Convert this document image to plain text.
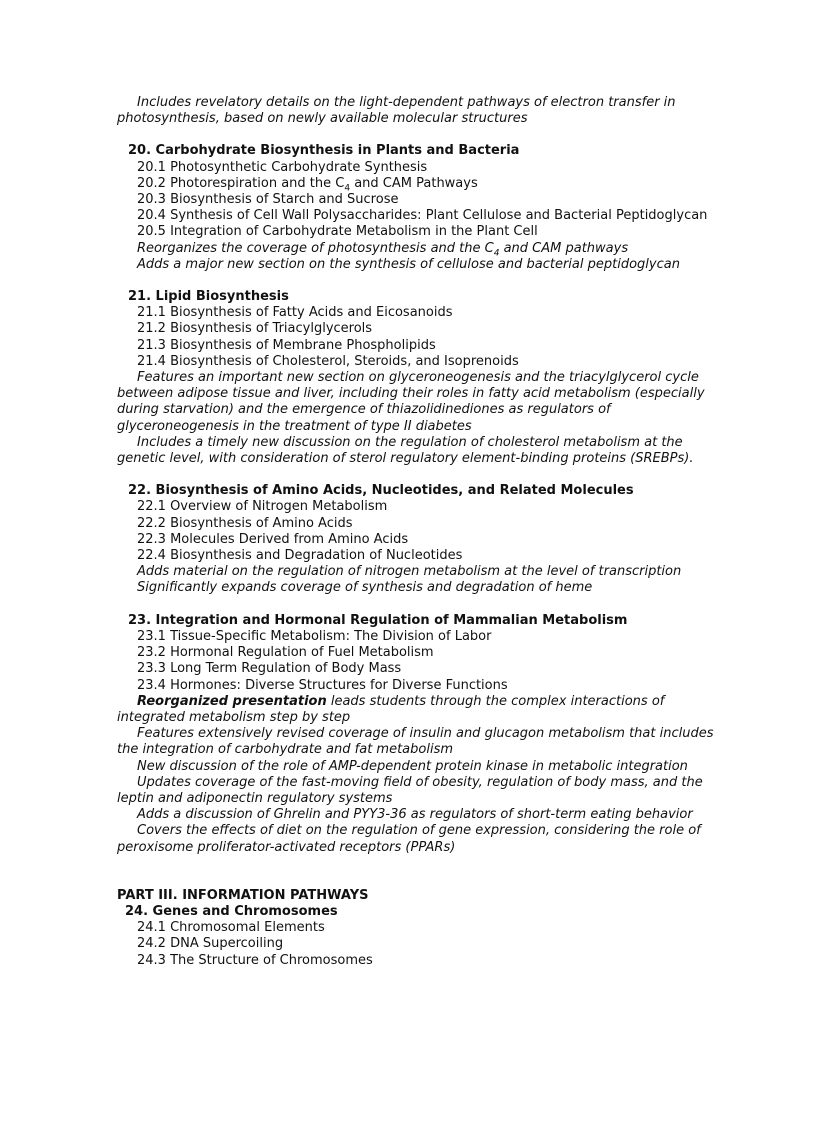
Includes revelatory details on the light-dependent pathways of electron transfer in photosynthesis, based on newly available molecular structures

20. Carbohydrate Biosynthesis in Plants and Bacteria

20.1 Photosynthetic Carbohydrate Synthesis

20.2 Photorespiration and the $C_4$ and CAM Pathways

20.3 Biosynthesis of Starch and Sucrose

20.4 Synthesis of Cell Wall Polysaccharides: Plant Cellulose and Bacterial Peptidoglycan

20.5 Integration of Carbohydrate Metabolism in the Plant Cell

Reorganizes the coverage of photosynthesis and the $C_4$ and CAM pathways

Adds a major new section on the synthesis of cellulose and bacterial peptidoglycan

21. Lipid Biosynthesis

21.1 Biosynthesis of Fatty Acids and Eicosanoids

21.2 Biosynthesis of Triacylglycerols

21.3 Biosynthesis of Membrane Phospholipids

21.4 Biosynthesis of Cholesterol, Steroids, and Isoprenoids

Features an important new section on glyceroneogenesis and the triacylglycerol cycle between adipose tissue and liver, including their roles in fatty acid metabolism (especially during starvation) and the emergence of thiazolidinediones as regulators of glyceroneogenesis in the treatment of type II diabetes

Includes a timely new discussion on the regulation of cholesterol metabolism at the genetic level, with consideration of sterol regulatory element-binding proteins (SREBPs).

22. Biosynthesis of Amino Acids, Nucleotides, and Related Molecules

22.1 Overview of Nitrogen Metabolism

22.2 Biosynthesis of Amino Acids

22.3 Molecules Derived from Amino Acids

22.4 Biosynthesis and Degradation of Nucleotides

Adds material on the regulation of nitrogen metabolism at the level of transcription

Significantly expands coverage of synthesis and degradation of heme

23. Integration and Hormonal Regulation of Mammalian Metabolism

23.1 Tissue-Specific Metabolism: The Division of Labor

23.2 Hormonal Regulation of Fuel Metabolism

23.3 Long Term Regulation of Body Mass

23.4 Hormones: Diverse Structures for Diverse Functions

Reorganized presentation leads students through the complex interactions of integrated metabolism step by step

Features extensively revised coverage of insulin and glucagon metabolism that includes the integration of carbohydrate and fat metabolism

New discussion of the role of AMP-dependent protein kinase in metabolic integration

Updates coverage of the fast-moving field of obesity, regulation of body mass, and the leptin and adiponectin regulatory systems

Adds a discussion of Ghrelin and PYY3-36 as regulators of short-term eating behavior

Covers the effects of diet on the regulation of gene expression, considering the role of peroxisome proliferator-activated receptors (PPARs)

PART III. INFORMATION PATHWAYS

24. Genes and Chromosomes

24.1 Chromosomal Elements

24.2 DNA Supercoiling

24.3 The Structure of Chromosomes
